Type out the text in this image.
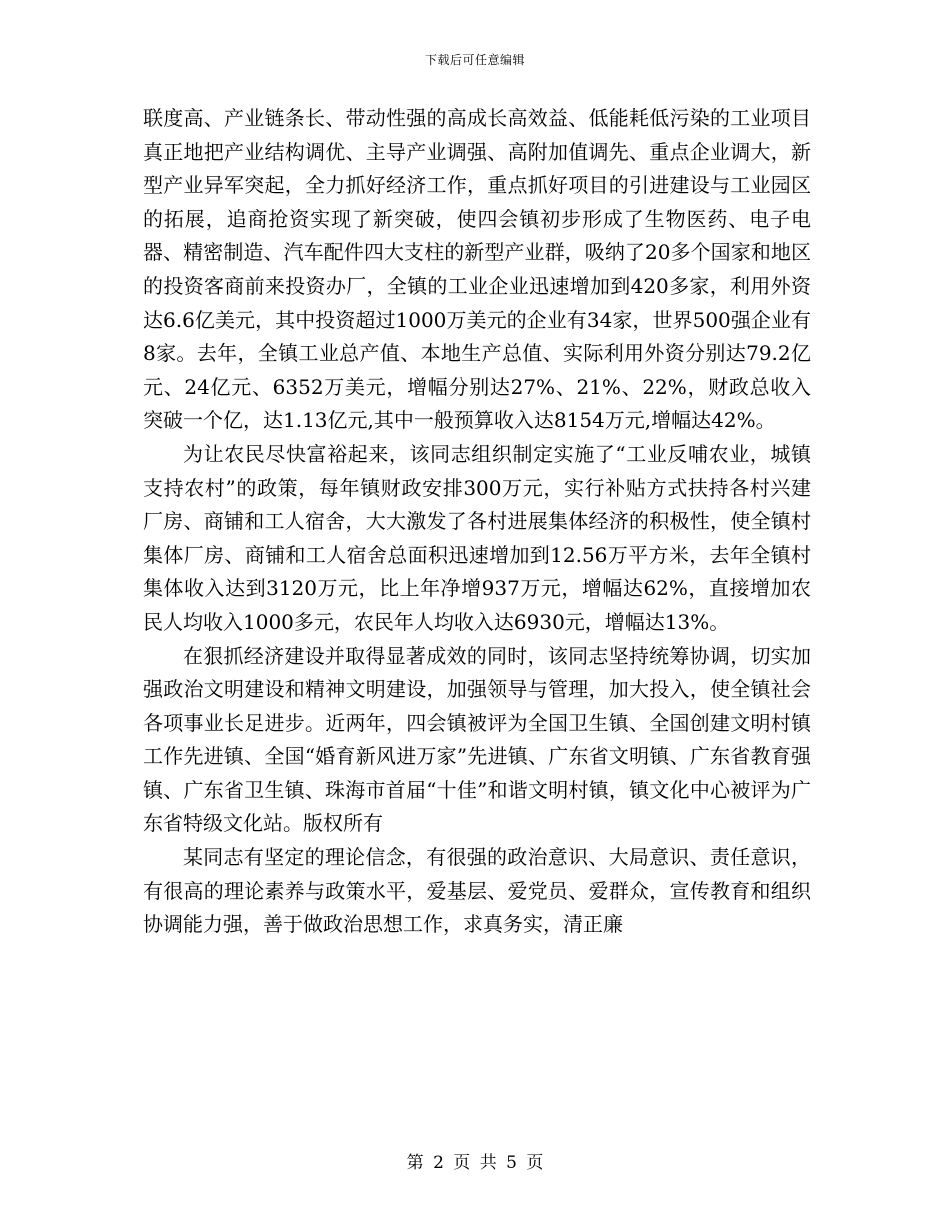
下载后可任意编辑

联度高、产业链条长、带动性强的高成长高效益、低能耗低污染的工业项目真正地把产业结构调优、主导产业调强、高附加值调先、重点企业调大，新型产业异军突起，全力抓好经济工作，重点抓好项目的引进建设与工业园区的拓展，追商抢资实现了新突破，使四会镇初步形成了生物医药、电子电器、精密制造、汽车配件四大支柱的新型产业群，吸纳了20多个国家和地区的投资客商前来投资办厂，全镇的工业企业迅速增加到420多家，利用外资达6.6亿美元，其中投资超过1000万美元的企业有34家，世界500强企业有8家。去年，全镇工业总产值、本地生产总值、实际利用外资分别达79.2亿元、24亿元、6352万美元，增幅分别达27%、21%、22%，财政总收入突破一个亿，达1.13亿元,其中一般预算收入达8154万元,增幅达42%。

为让农民尽快富裕起来，该同志组织制定实施了“工业反哺农业，城镇支持农村”的政策，每年镇财政安排300万元，实行补贴方式扶持各村兴建厂房、商铺和工人宿舍，大大激发了各村进展集体经济的积极性，使全镇村集体厂房、商铺和工人宿舍总面积迅速增加到12.56万平方米，去年全镇村集体收入达到3120万元，比上年净增937万元，增幅达62%，直接增加农民人均收入1000多元，农民年人均收入达6930元，增幅达13%。

在狠抓经济建设并取得显著成效的同时，该同志坚持统筹协调，切实加强政治文明建设和精神文明建设，加强领导与管理，加大投入，使全镇社会各项事业长足进步。近两年，四会镇被评为全国卫生镇、全国创建文明村镇工作先进镇、全国“婚育新风进万家”先进镇、广东省文明镇、广东省教育强镇、广东省卫生镇、珠海市首届“十佳”和谐文明村镇，镇文化中心被评为广东省特级文化站。版权所有

某同志有坚定的理论信念，有很强的政治意识、大局意识、责任意识，有很高的理论素养与政策水平，爱基层、爱党员、爱群众，宣传教育和组织协调能力强，善于做政治思想工作，求真务实，清正廉

第 2 页 共 5 页
